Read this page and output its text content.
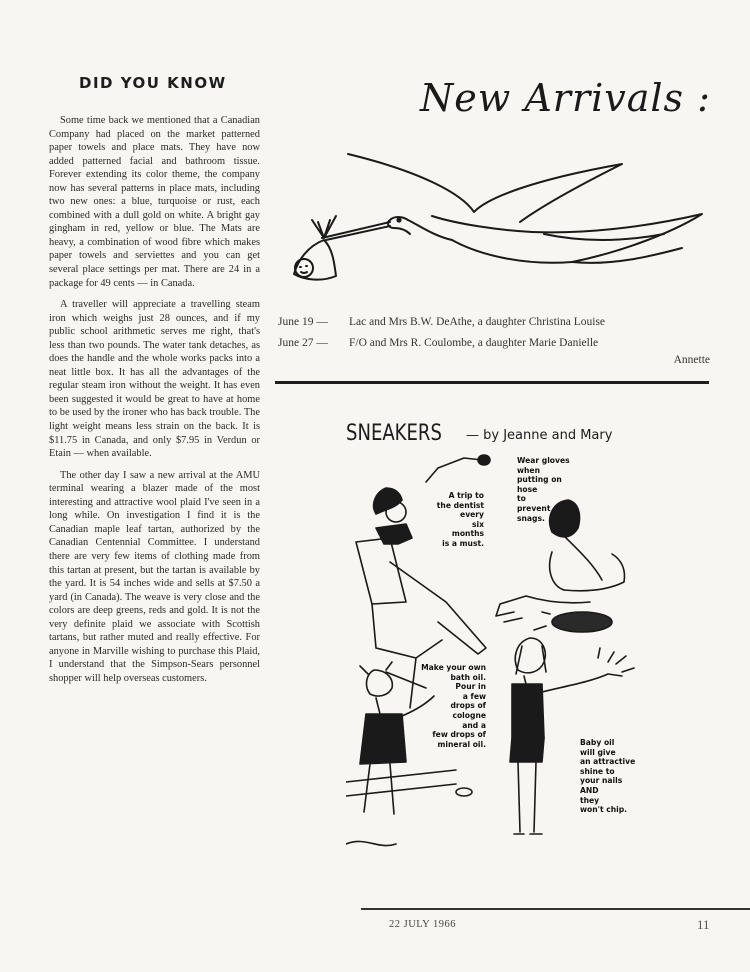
DID YOU KNOW

Some time back we mentioned that a Canadian Company had placed on the market patterned paper towels and place mats. They have now added patterned facial and bathroom tissue. Forever extending its color theme, the company now has several patterns in place mats, including two new ones: a blue, turquoise or rust, each combined with a dull gold on white. A bright gay gingham in red, yellow or blue. The Mats are heavy, a combination of wood fibre which makes paper towels and serviettes and you can get several place settings per mat. There are 24 in a package for 49 cents — in Canada.

A traveller will appreciate a travelling steam iron which weighs just 28 ounces, and if my public school arithmetic serves me right, that's less than two pounds. The water tank detaches, as does the handle and the whole works packs into a neat little box. It has all the advantages of the regular steam iron without the weight. It has even been suggested it would be great to have at home to be used by the ironer who has back trouble. The light weight means less strain on the back. It is $11.75 in Canada, and only $7.95 in Verdun or Etain — when available.

The other day I saw a new arrival at the AMU terminal wearing a blazer made of the most interesting and attractive wool plaid I've seen in a long while. On investigation I find it is the Canadian maple leaf tartan, authorized by the Canadian Centennial Committee. I understand there are very few items of clothing made from this tartan at present, but the tartan is available by the yard. It is 54 inches wide and sells at $7.50 a yard (in Canada). The weave is very close and the colors are deep greens, reds and gold. It is not the very definite plaid we associate with Scottish tartans, but rather muted and really effective. For anyone in Marville wishing to purchase this Plaid, I understand that the Simpson-Sears personnel shopper will help overseas customers.

New Arrivals :
June 19 —	Lac and Mrs B.W. DeAthe, a daughter Christina Louise
June 27 —	F/O and Mrs R. Coulombe, a daughter Marie Danielle
Annette
SNEAKERS — by Jeanne and Mary
A trip to
the dentist
every
six
months
is a must.
Wear gloves
when
putting on
hose
to
prevent
snags.
Make your own
bath oil.
Pour in
a few
drops of
cologne
and a
few drops of
mineral oil.	Baby oil
will give
an attractive
shine to
your nails
AND
they
won't chip.
22 JULY 1966	11
